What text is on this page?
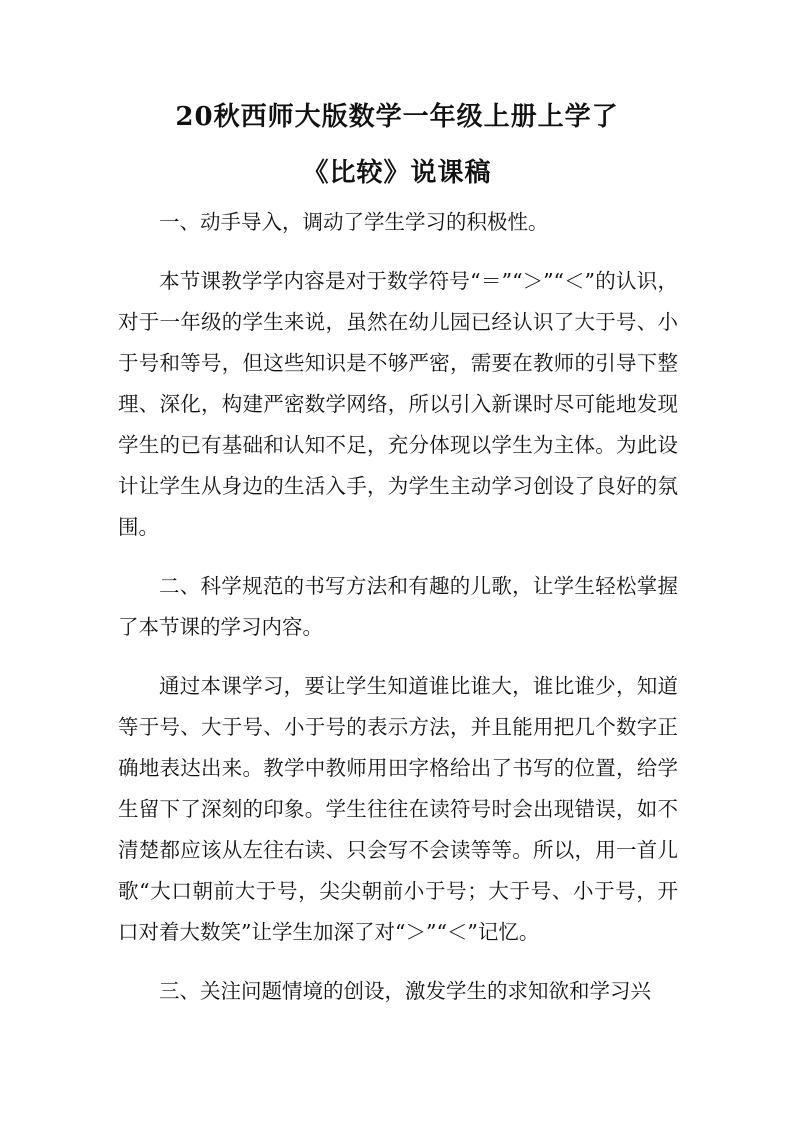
20秋西师大版数学一年级上册上学了
《比较》说课稿

一、动手导入，调动了学生学习的积极性。

本节课教学学内容是对于数学符号“＝”“＞”“＜”的认识，对于一年级的学生来说，虽然在幼儿园已经认识了大于号、小于号和等号，但这些知识是不够严密，需要在教师的引导下整理、深化，构建严密数学网络，所以引入新课时尽可能地发现学生的已有基础和认知不足，充分体现以学生为主体。为此设计让学生从身边的生活入手，为学生主动学习创设了良好的氛围。

二、科学规范的书写方法和有趣的儿歌，让学生轻松掌握了本节课的学习内容。

通过本课学习，要让学生知道谁比谁大，谁比谁少，知道等于号、大于号、小于号的表示方法，并且能用把几个数字正确地表达出来。教学中教师用田字格给出了书写的位置，给学生留下了深刻的印象。学生往往在读符号时会出现错误，如不清楚都应该从左往右读、只会写不会读等等。所以，用一首儿歌“大口朝前大于号，尖尖朝前小于号；大于号、小于号，开口对着大数笑”让学生加深了对“＞”“＜”记忆。

三、关注问题情境的创设，激发学生的求知欲和学习兴
